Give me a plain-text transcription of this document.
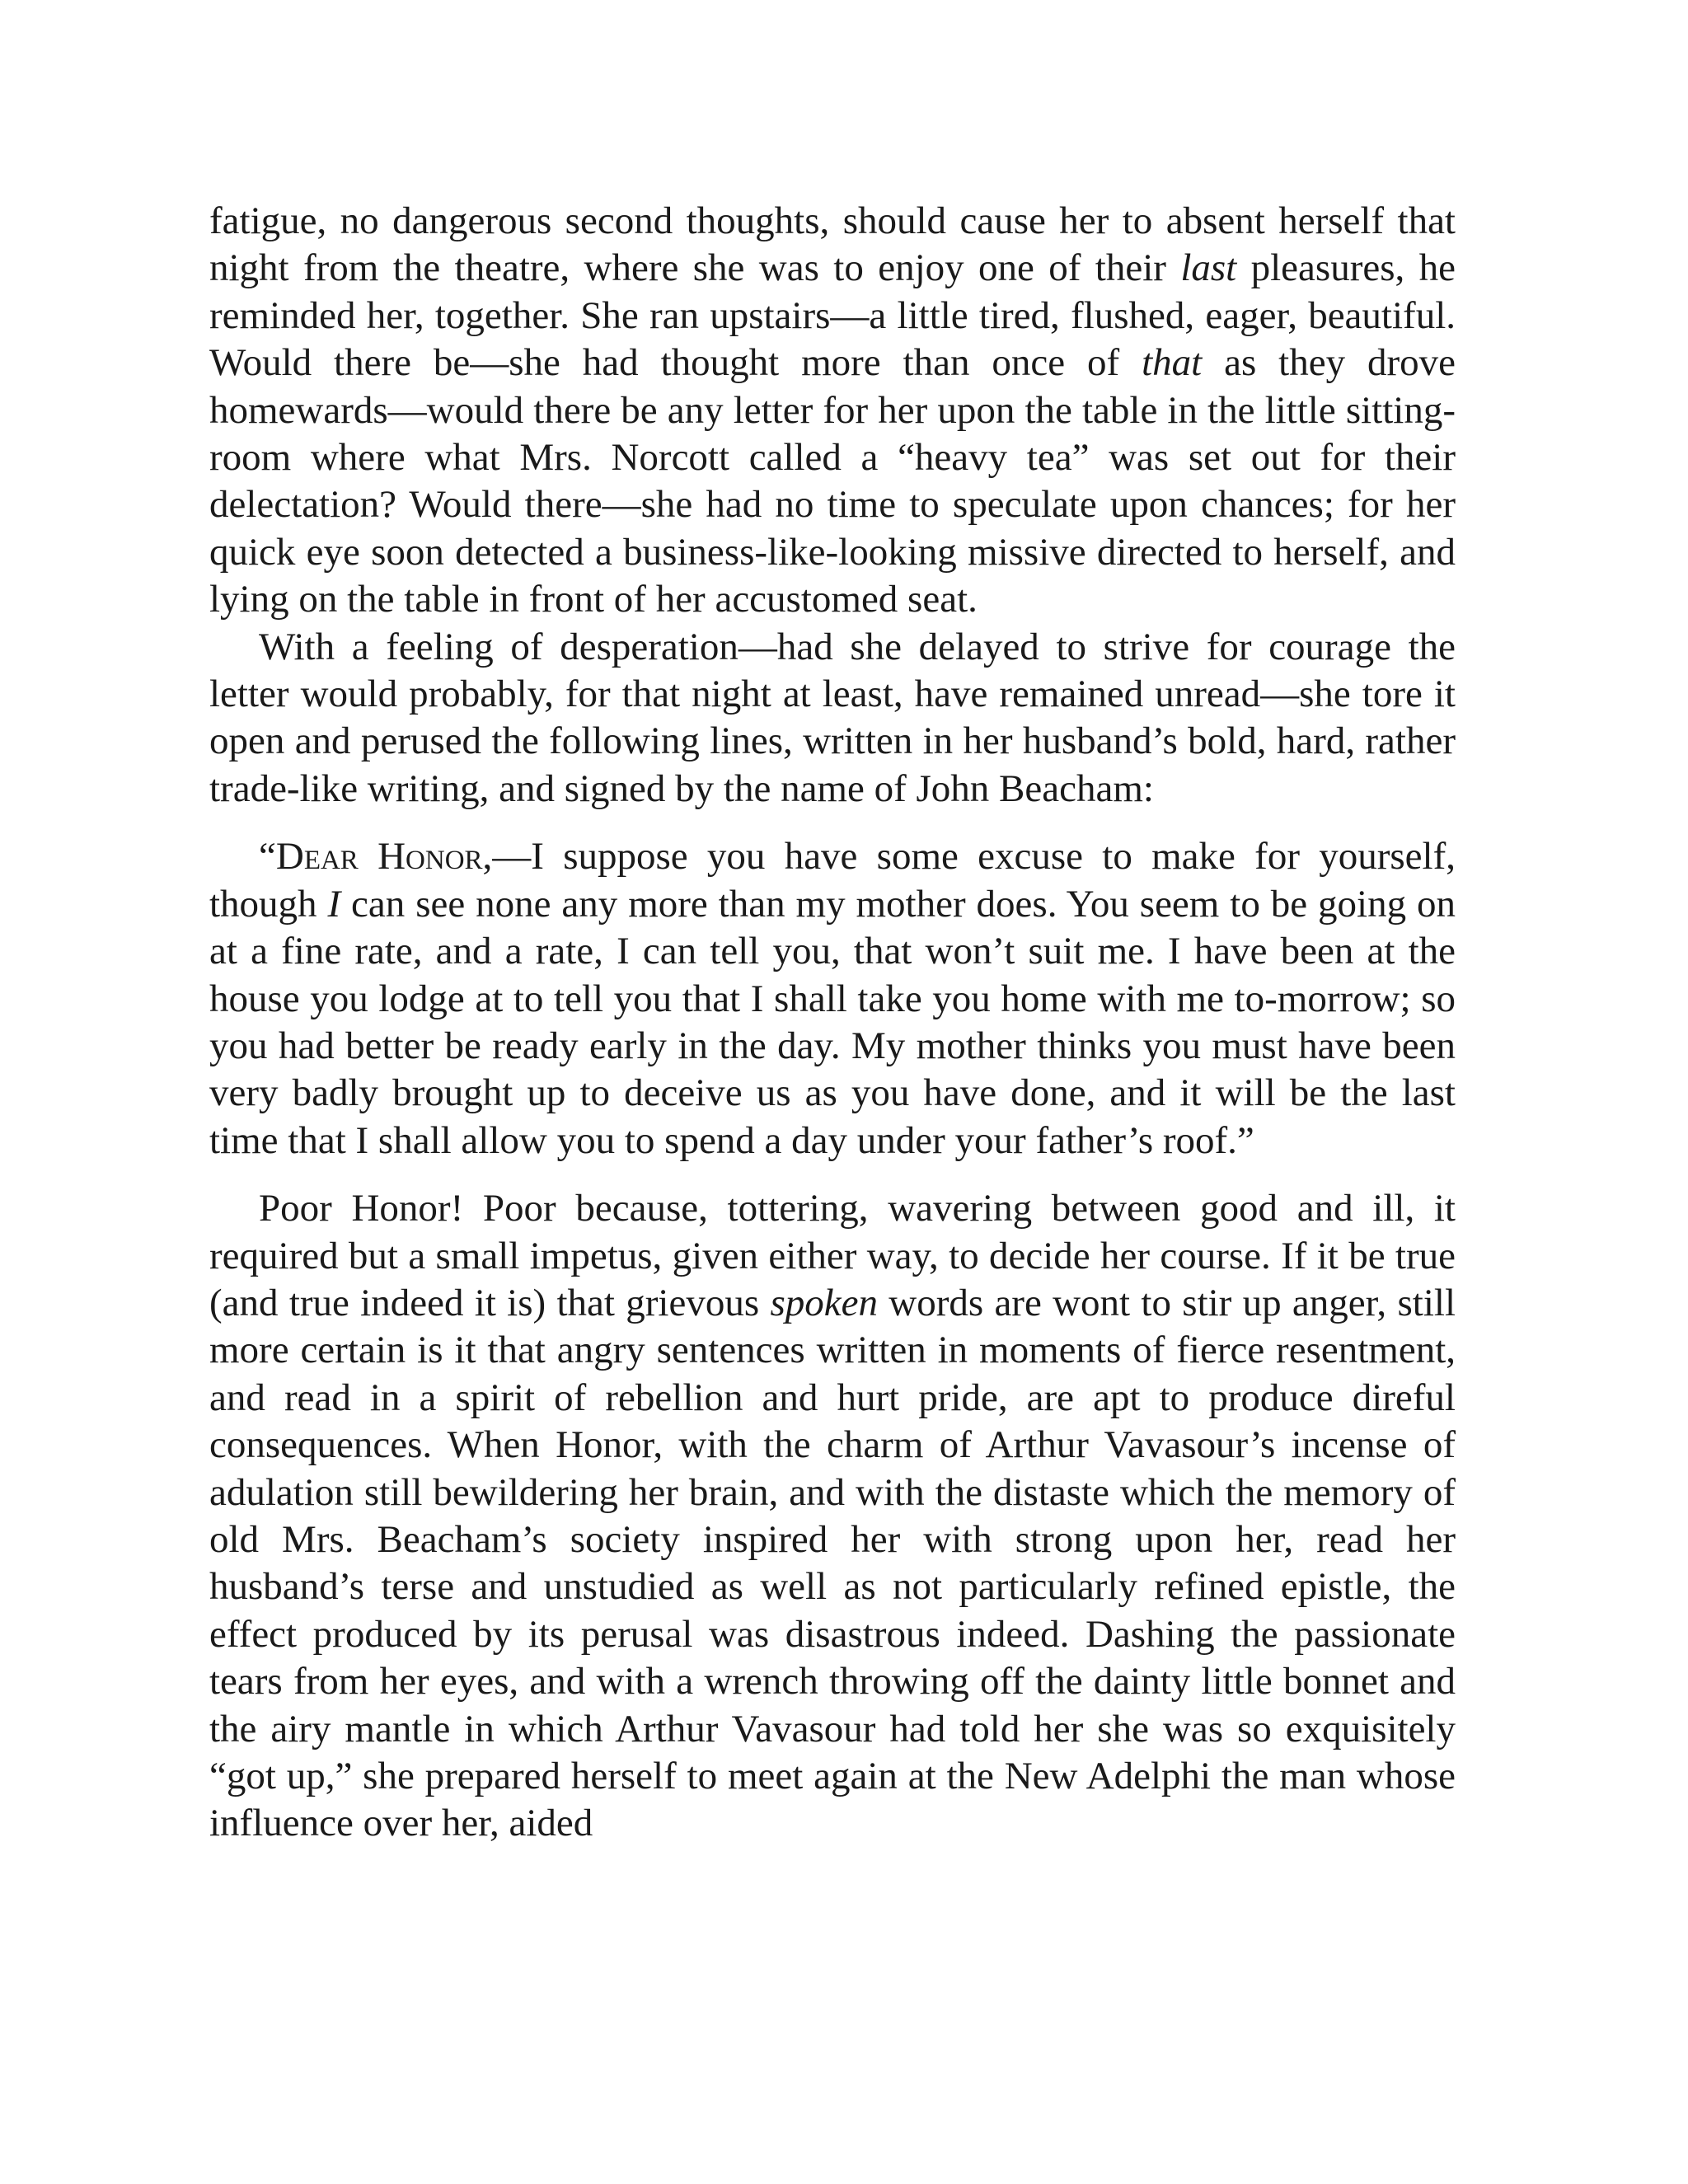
fatigue, no dangerous second thoughts, should cause her to absent herself that night from the theatre, where she was to enjoy one of their last pleasures, he reminded her, together. She ran upstairs—a little tired, flushed, eager, beautiful. Would there be—she had thought more than once of that as they drove homewards—would there be any letter for her upon the table in the little sitting-room where what Mrs. Norcott called a “heavy tea” was set out for their delectation? Would there—she had no time to speculate upon chances; for her quick eye soon detected a business-like-looking missive directed to herself, and lying on the table in front of her accustomed seat.

With a feeling of desperation—had she delayed to strive for courage the letter would probably, for that night at least, have remained unread—she tore it open and perused the following lines, written in her husband’s bold, hard, rather trade-like writing, and signed by the name of John Beacham:

“Dear Honor,—I suppose you have some excuse to make for yourself, though I can see none any more than my mother does. You seem to be going on at a fine rate, and a rate, I can tell you, that won’t suit me. I have been at the house you lodge at to tell you that I shall take you home with me to-morrow; so you had better be ready early in the day. My mother thinks you must have been very badly brought up to deceive us as you have done, and it will be the last time that I shall allow you to spend a day under your father’s roof.”

Poor Honor! Poor because, tottering, wavering between good and ill, it required but a small impetus, given either way, to decide her course. If it be true (and true indeed it is) that grievous spoken words are wont to stir up anger, still more certain is it that angry sentences written in moments of fierce resentment, and read in a spirit of rebellion and hurt pride, are apt to produce direful consequences. When Honor, with the charm of Arthur Vavasour’s incense of adulation still bewildering her brain, and with the distaste which the memory of old Mrs. Beacham’s society inspired her with strong upon her, read her husband’s terse and unstudied as well as not particularly refined epistle, the effect produced by its perusal was disastrous indeed. Dashing the passionate tears from her eyes, and with a wrench throwing off the dainty little bonnet and the airy mantle in which Arthur Vavasour had told her she was so exquisitely “got up,” she prepared herself to meet again at the New Adelphi the man whose influence over her, aided
